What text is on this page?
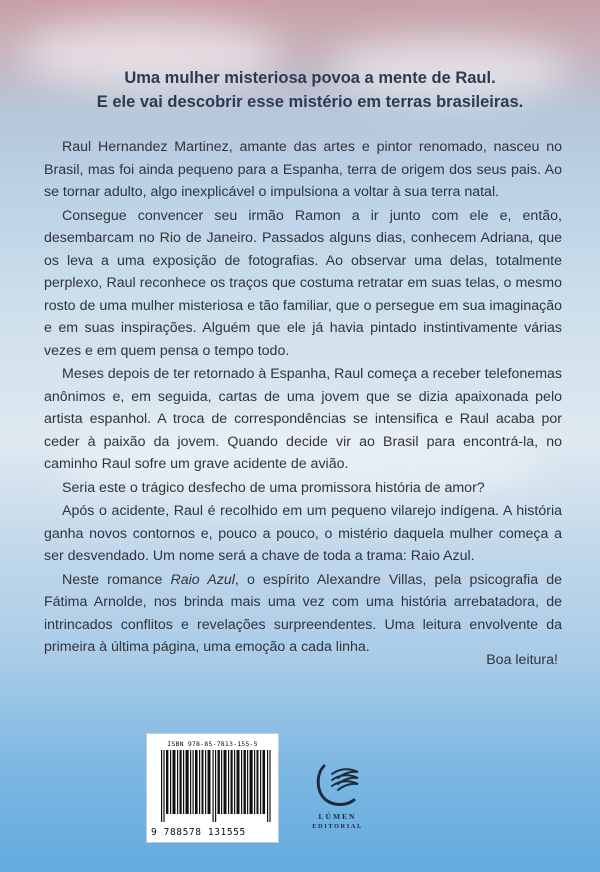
Uma mulher misteriosa povoa a mente de Raul.
E ele vai descobrir esse mistério em terras brasileiras.

Raul Hernandez Martinez, amante das artes e pintor renomado, nasceu no Brasil, mas foi ainda pequeno para a Espanha, terra de origem dos seus pais. Ao se tornar adulto, algo inexplicável o impulsiona a voltar à sua terra natal.

Consegue convencer seu irmão Ramon a ir junto com ele e, então, desembarcam no Rio de Janeiro. Passados alguns dias, conhecem Adriana, que os leva a uma exposição de fotografias. Ao observar uma delas, totalmente perplexo, Raul reconhece os traços que costuma retratar em suas telas, o mesmo rosto de uma mulher misteriosa e tão familiar, que o persegue em sua imaginação e em suas inspirações. Alguém que ele já havia pintado instintivamente várias vezes e em quem pensa o tempo todo.

Meses depois de ter retornado à Espanha, Raul começa a receber telefonemas anônimos e, em seguida, cartas de uma jovem que se dizia apaixonada pelo artista espanhol. A troca de correspondências se intensifica e Raul acaba por ceder à paixão da jovem. Quando decide vir ao Brasil para encontrá-la, no caminho Raul sofre um grave acidente de avião.

Seria este o trágico desfecho de uma promissora história de amor?

Após o acidente, Raul é recolhido em um pequeno vilarejo indígena. A história ganha novos contornos e, pouco a pouco, o mistério daquela mulher começa a ser desvendado. Um nome será a chave de toda a trama: Raio Azul.

Neste romance Raio Azul, o espírito Alexandre Villas, pela psicografia de Fátima Arnolde, nos brinda mais uma vez com uma história arrebatadora, de intrincados conflitos e revelações surpreendentes. Uma leitura envolvente da primeira à última página, uma emoção a cada linha.

Boa leitura!
ISBN 978-85-7813-155-5
9 788578 131555
LÚMEN
EDITORIAL
